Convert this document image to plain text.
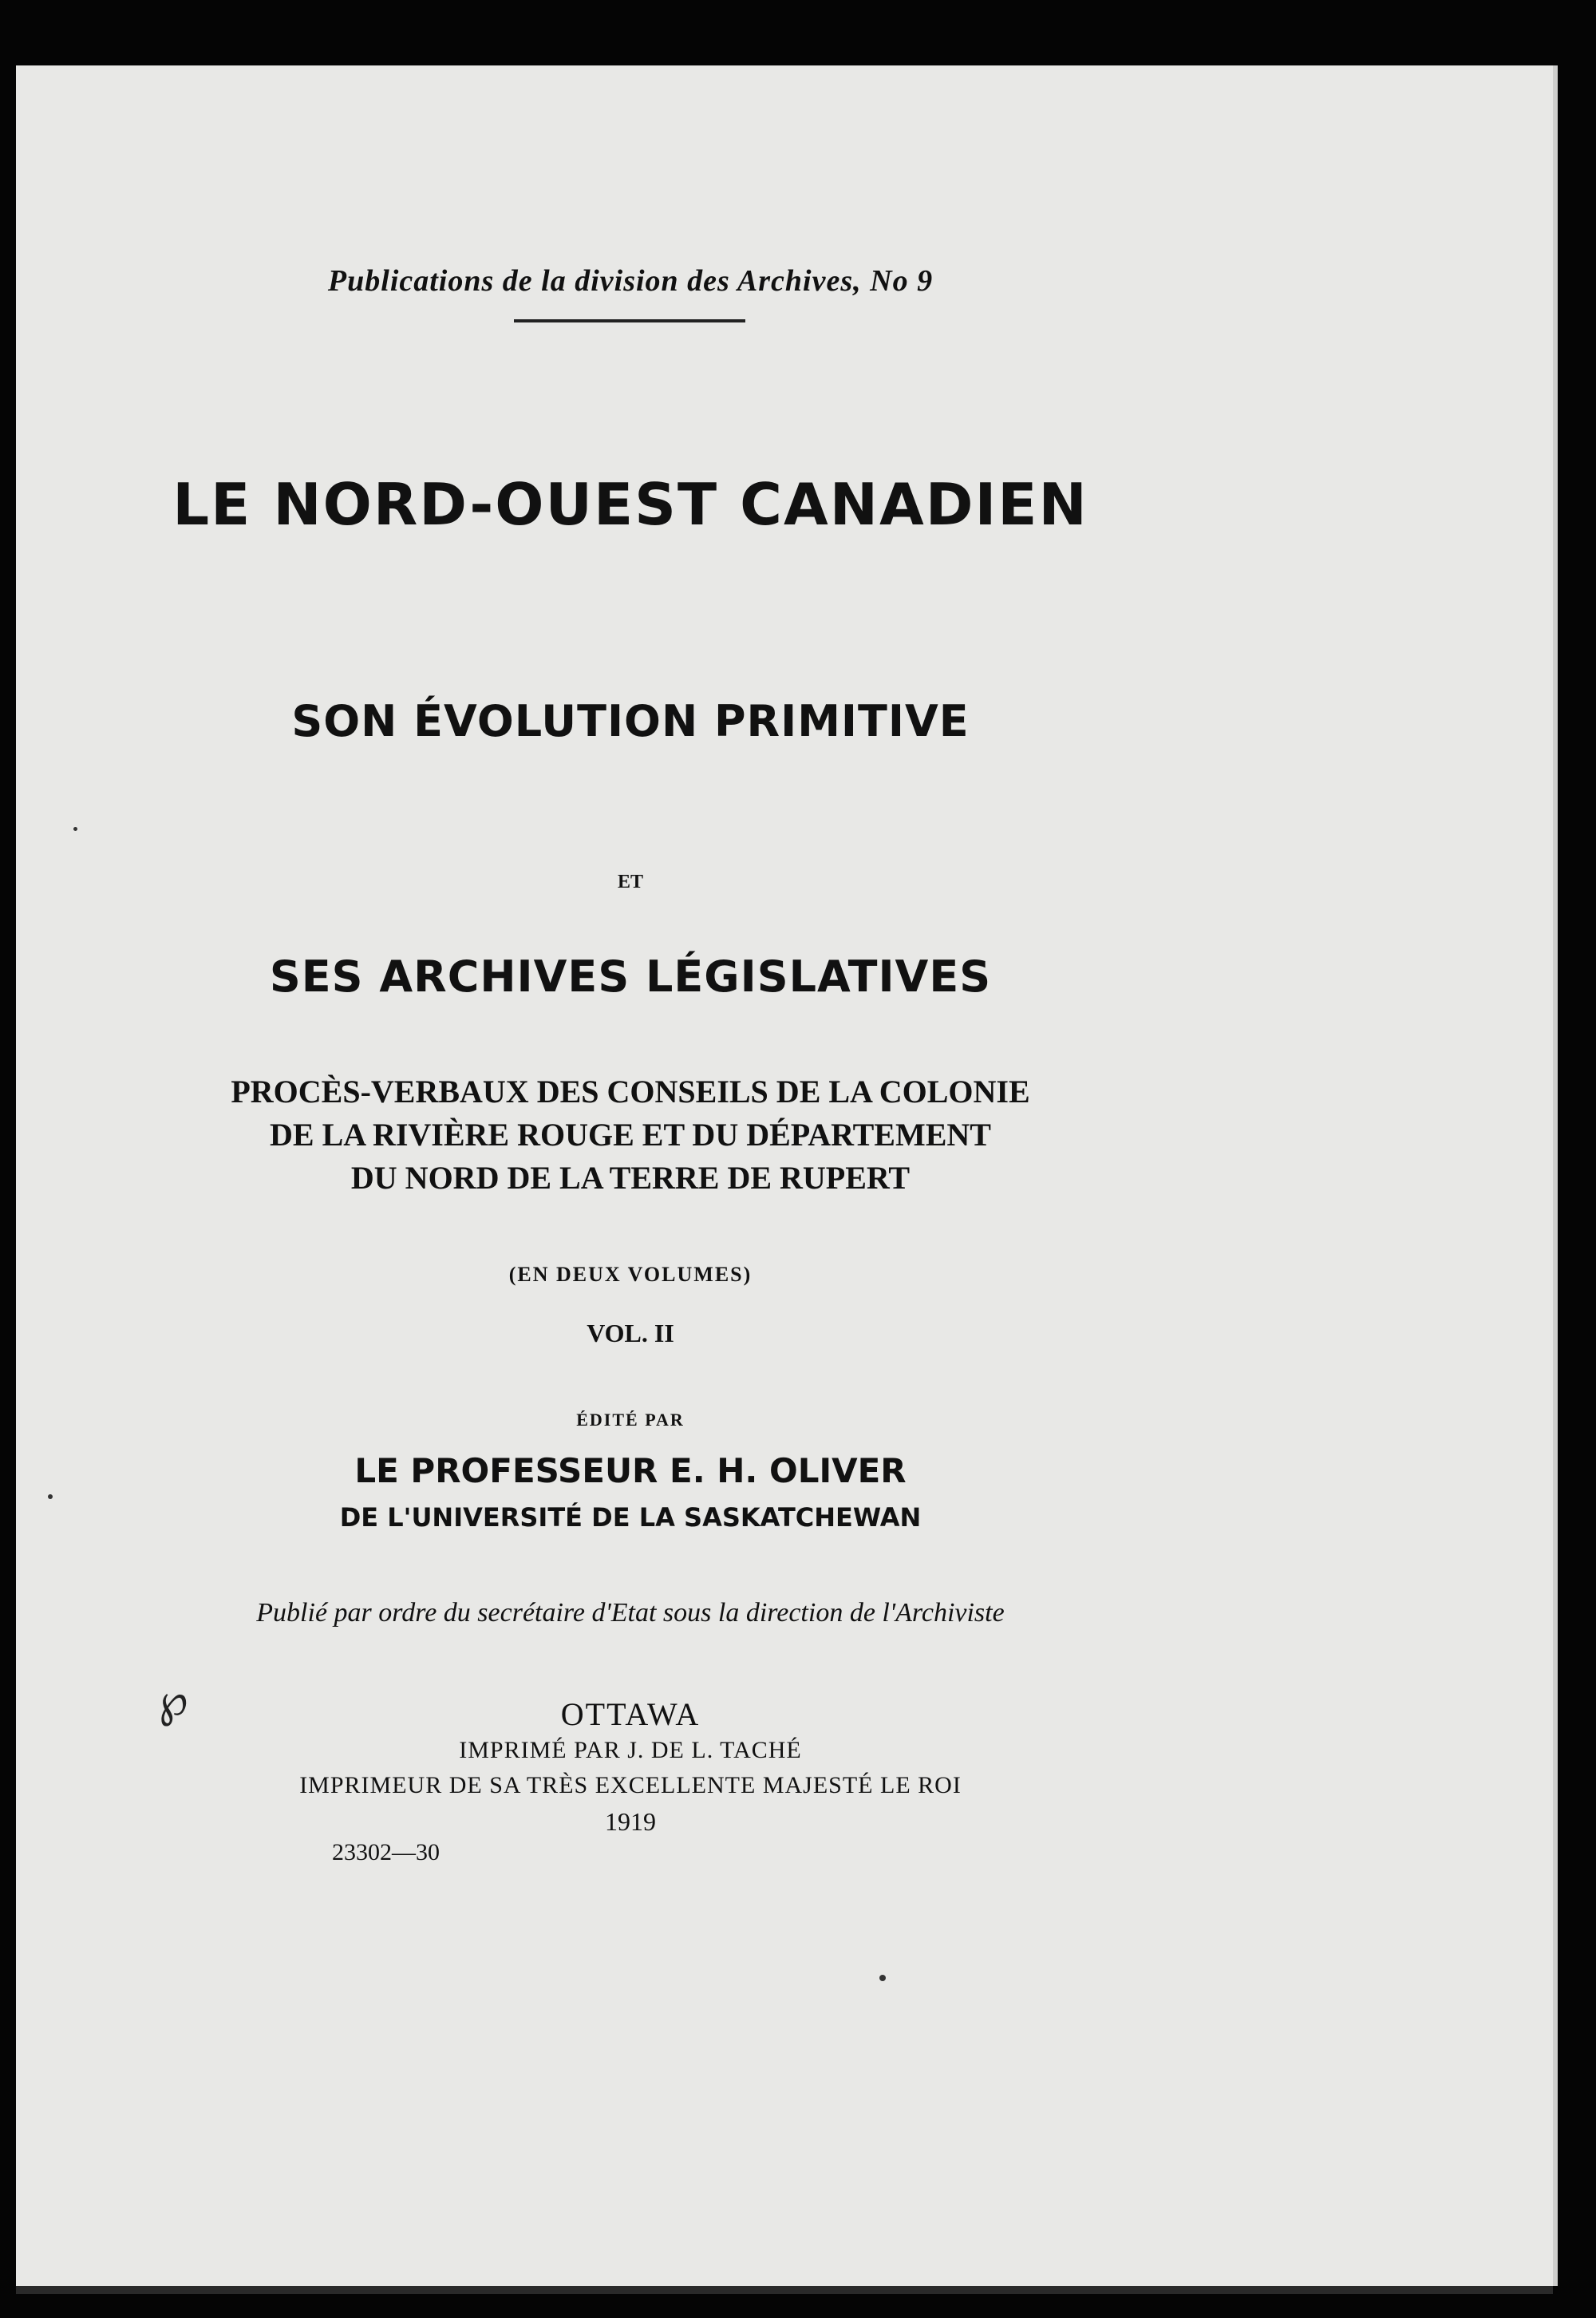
Publications de la division des Archives, No 9
LE NORD-OUEST CANADIEN
SON ÉVOLUTION PRIMITIVE
ET
SES ARCHIVES LÉGISLATIVES
PROCÈS-VERBAUX DES CONSEILS DE LA COLONIE
DE LA RIVIÈRE ROUGE ET DU DÉPARTEMENT
DU NORD DE LA TERRE DE RUPERT
(EN DEUX VOLUMES)
VOL. II
ÉDITÉ PAR
LE PROFESSEUR E. H. OLIVER
DE L'UNIVERSITÉ DE LA SASKATCHEWAN
Publié par ordre du secrétaire d'Etat sous la direction de l'Archiviste
℘	OTTAWA
IMPRIMÉ PAR J. DE L. TACHÉ
IMPRIMEUR DE SA TRÈS EXCELLENTE MAJESTÉ LE ROI
1919
23302—30
